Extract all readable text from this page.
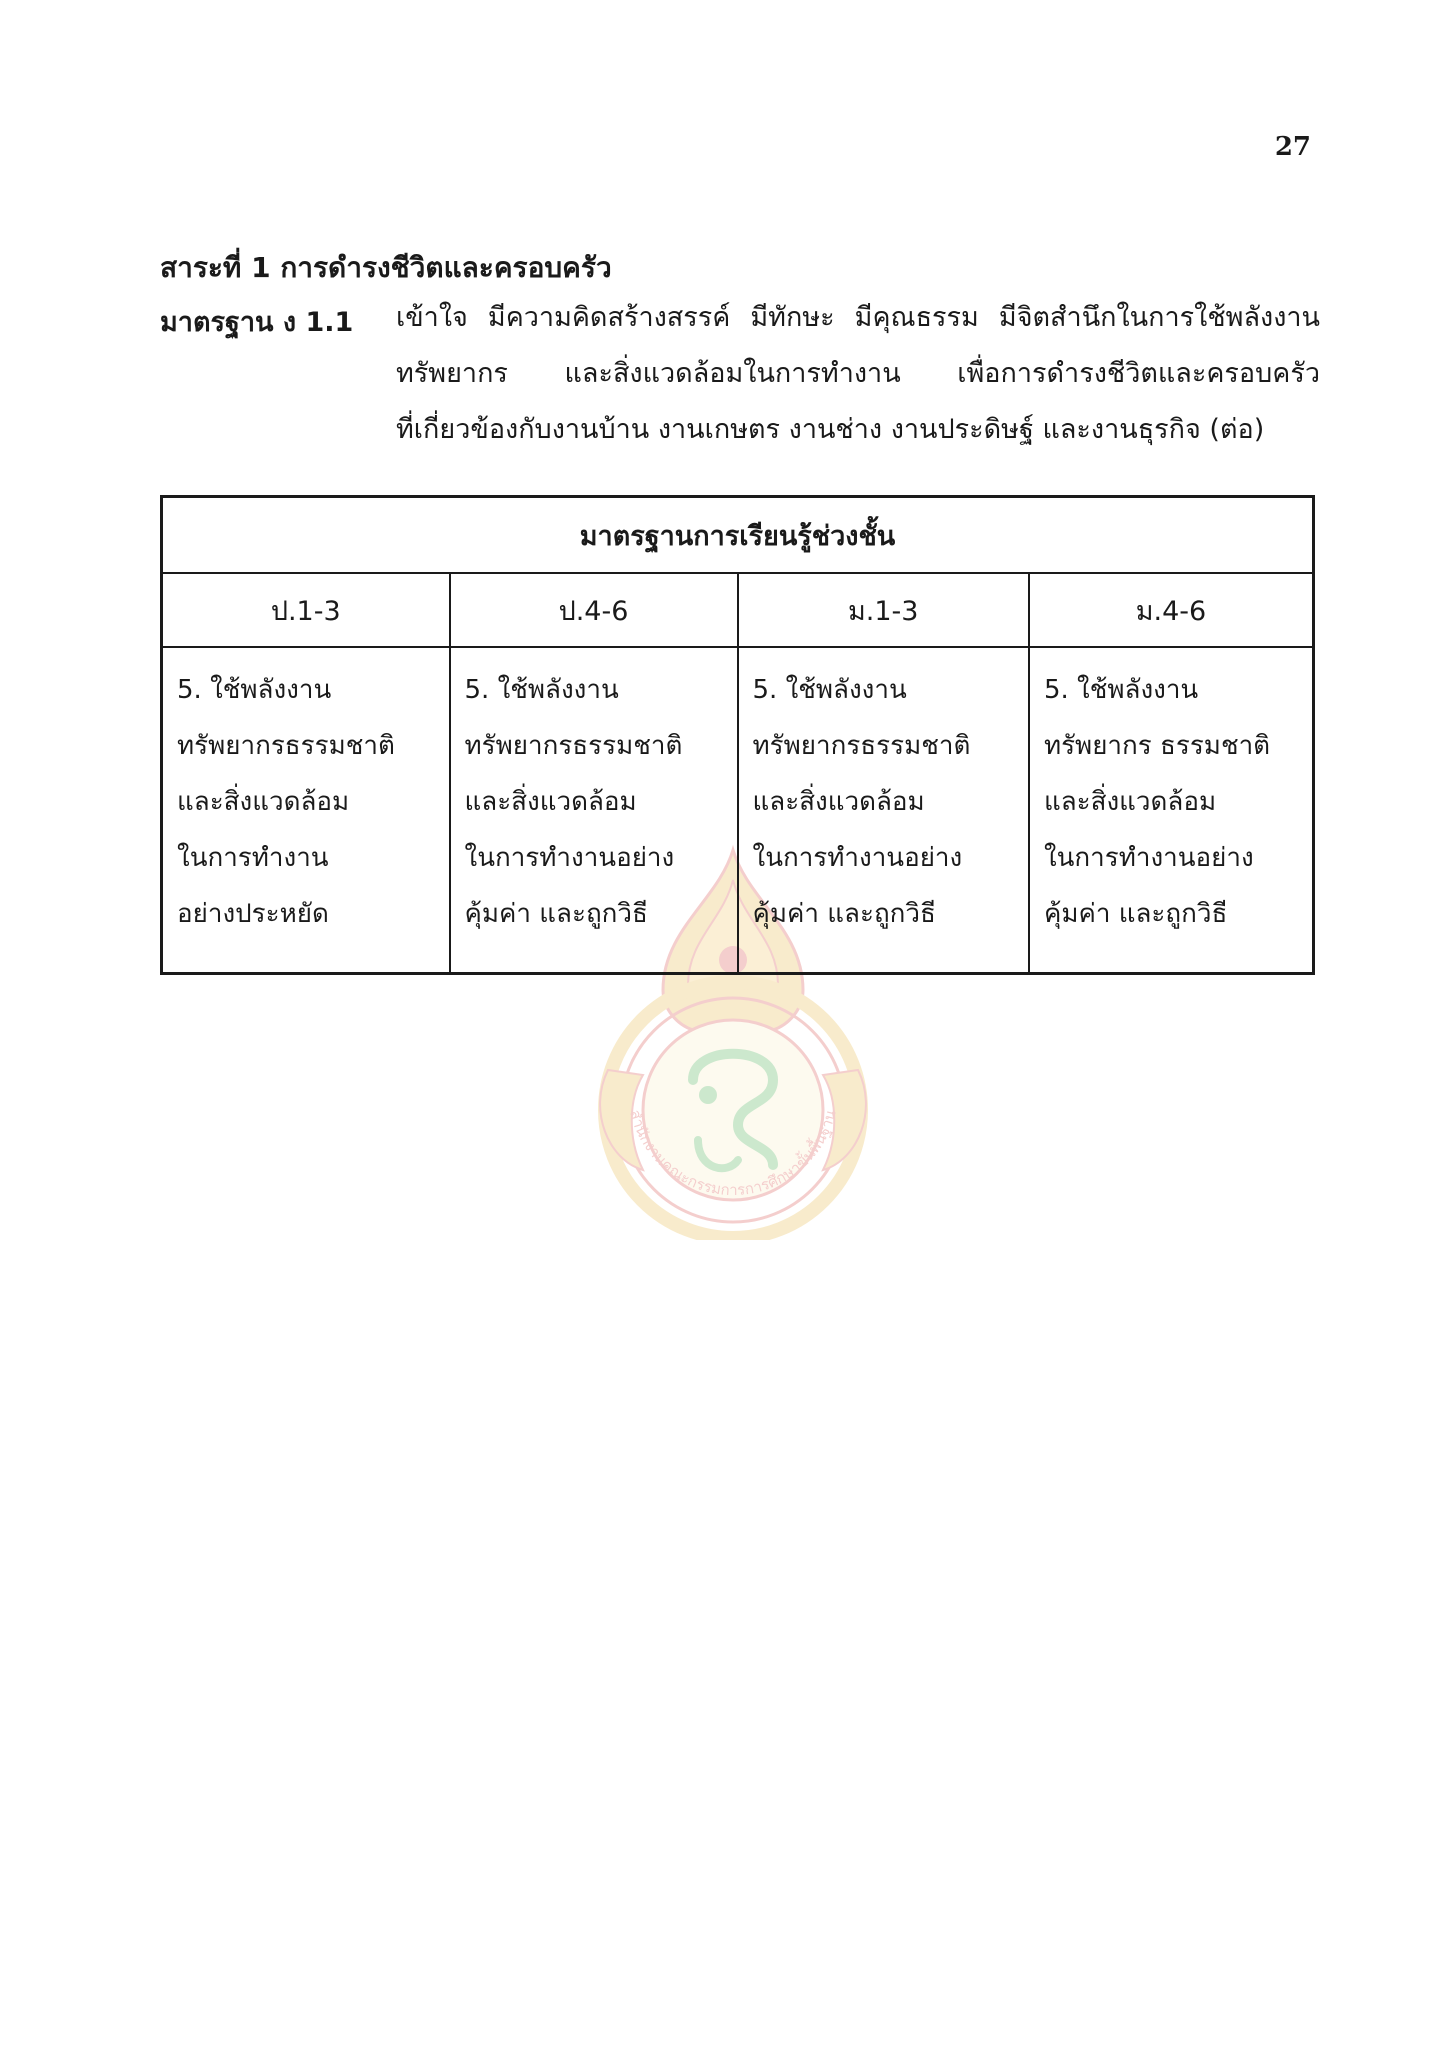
27
สาระที่ 1 การดำรงชีวิตและครอบครัว
มาตรฐาน ง 1.1 เข้าใจ มีความคิดสร้างสรรค์ มีทักษะ มีคุณธรรม มีจิตสำนึกในการใช้พลังงาน
ทรัพยากร และสิ่งแวดล้อมในการทำงาน เพื่อการดำรงชีวิตและครอบครัว
ที่เกี่ยวข้องกับงานบ้าน งานเกษตร งานช่าง งานประดิษฐ์ และงานธุรกิจ (ต่อ)
สำนักงานคณะกรรมการการศึกษาขั้นพื้นฐาน
มาตรฐานการเรียนรู้ช่วงชั้น			
ป.1-3	ป.4-6	ม.1-3	ม.4-6

5. ใช้พลังงาน
ทรัพยากรธรรมชาติ
และสิ่งแวดล้อม
ในการทำงาน
อย่างประหยัด	5. ใช้พลังงาน
ทรัพยากรธรรมชาติ
และสิ่งแวดล้อม
ในการทำงานอย่าง
คุ้มค่า และถูกวิธี	5. ใช้พลังงาน
ทรัพยากรธรรมชาติ
และสิ่งแวดล้อม
ในการทำงานอย่าง
คุ้มค่า และถูกวิธี	5. ใช้พลังงาน
ทรัพยากร ธรรมชาติ
และสิ่งแวดล้อม
ในการทำงานอย่าง
คุ้มค่า และถูกวิธี
